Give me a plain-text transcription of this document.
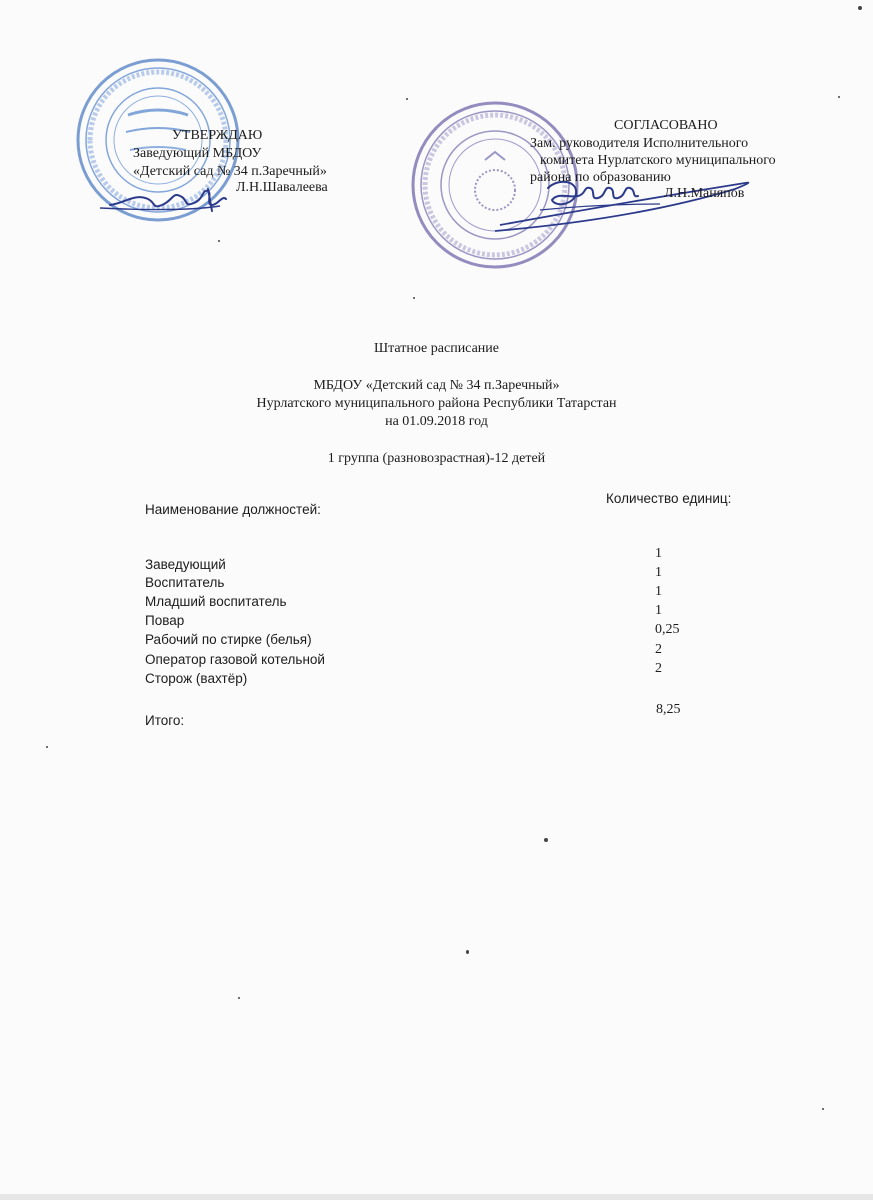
УТВЕРЖДАЮ
Заведующий МБДОУ
«Детский сад № 34 п.Заречный»
Л.Н.Шавалеева
СОГЛАСОВАНО
Зам. руководителя Исполнительного
комитета Нурлатского муниципального
района по образованию
Л.Н.Маняпов
Штатное расписание
МБДОУ «Детский сад № 34 п.Заречный»
Нурлатского муниципального района Республики Татарстан
на 01.09.2018 год
1 группа (разновозрастная)-12 детей
Наименование должностей:
Количество единиц:
Заведующий
1
Воспитатель
1
Младший воспитатель
1
Повар
1
Рабочий по стирке (белья)
0,25
Оператор газовой котельной
2
Сторож (вахтёр)
2
Итого:
8,25
